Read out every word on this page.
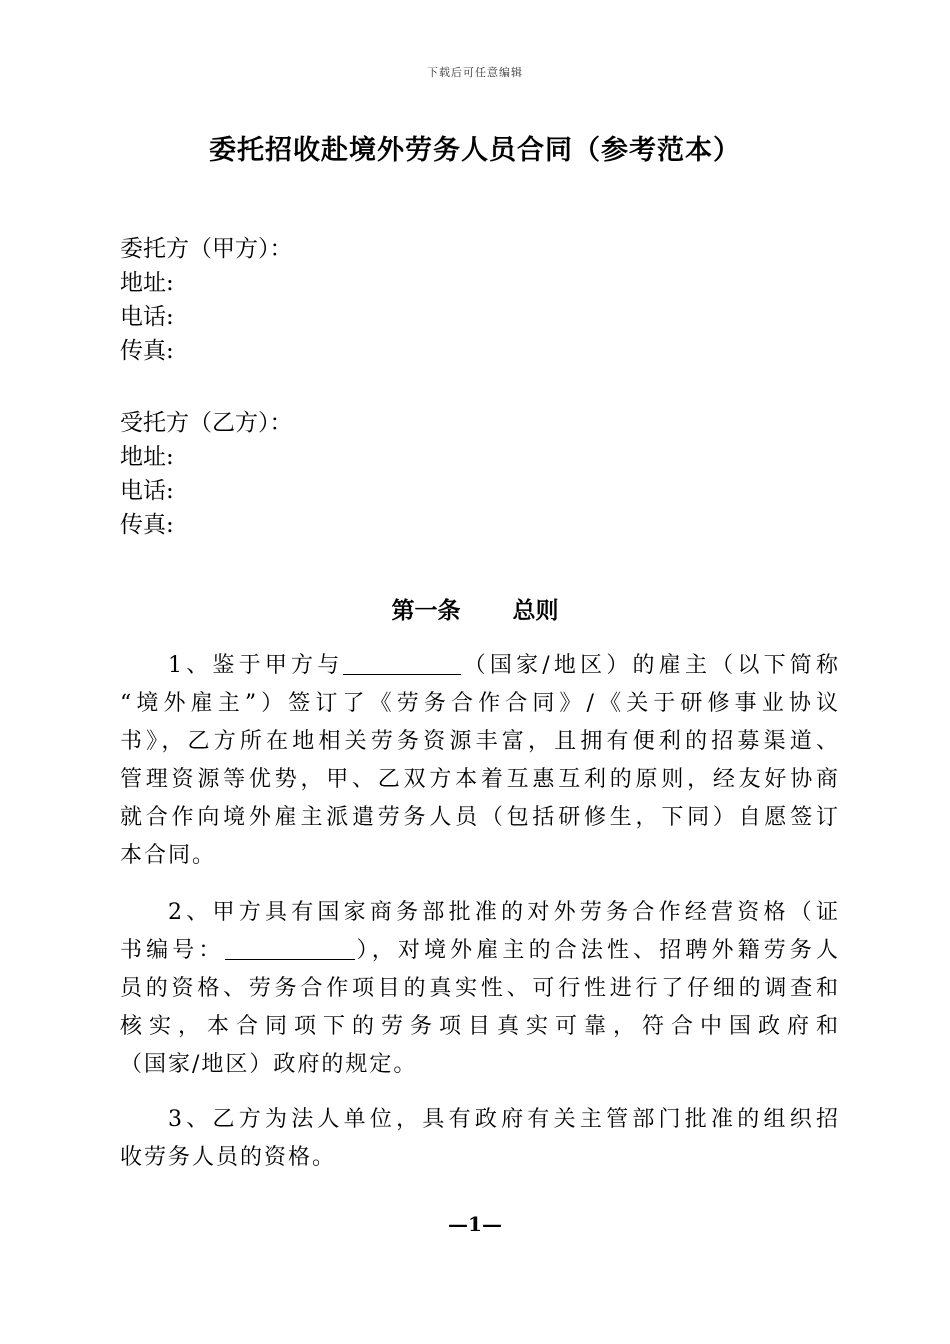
下载后可任意编辑
委托招收赴境外劳务人员合同（参考范本）
委托方（甲方）：
地址:
电话:
传真:
受托方（乙方）：
地址:
电话:
传真:
第一条 总则
1、鉴于甲方与	（国家/地区）的雇主（以下简称
“境外雇主”）签订了《劳务合作合同》/《关于研修事业协议
书》，乙方所在地相关劳务资源丰富，且拥有便利的招募渠道、
管理资源等优势，甲、乙双方本着互惠互利的原则，经友好协商
就合作向境外雇主派遣劳务人员（包括研修生，下同）自愿签订
本合同。
2、甲方具有国家商务部批准的对外劳务合作经营资格（证
书编号：	），对境外雇主的合法性、招聘外籍劳务人
员的资格、劳务合作项目的真实性、可行性进行了仔细的调查和
核实，本合同项下的劳务项目真实可靠，符合中国政府和
（国家/地区）政府的规定。
3、乙方为法人单位，具有政府有关主管部门批准的组织招
收劳务人员的资格。
—1—
